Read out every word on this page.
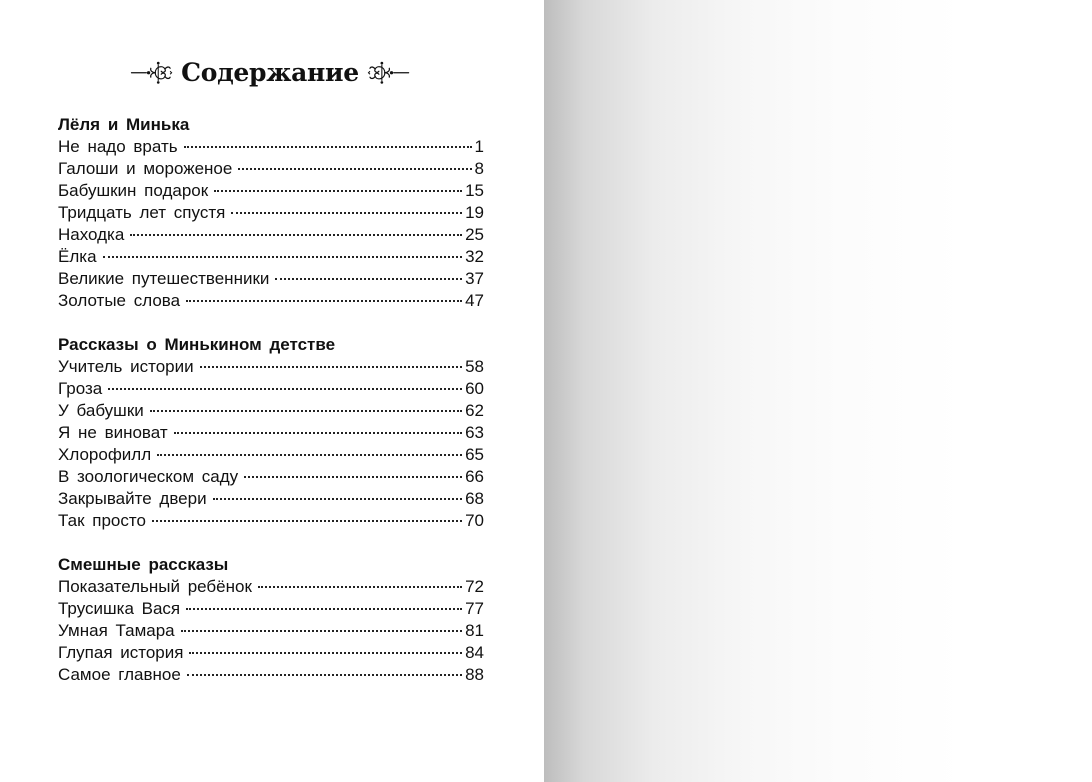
Содержание
Лёля и Минька
Не надо врать	1
Галоши и мороженое	8
Бабушкин подарок	15
Тридцать лет спустя	19
Находка	25
Ёлка	32
Великие путешественники	37
Золотые слова	47
Рассказы о Минькином детстве
Учитель истории	58
Гроза	60
У бабушки	62
Я не виноват	63
Хлорофилл	65
В зоологическом саду	66
Закрывайте двери	68
Так просто	70
Смешные рассказы
Показательный ребёнок	72
Трусишка Вася	77
Умная Тамара	81
Глупая история	84
Самое главное	88
